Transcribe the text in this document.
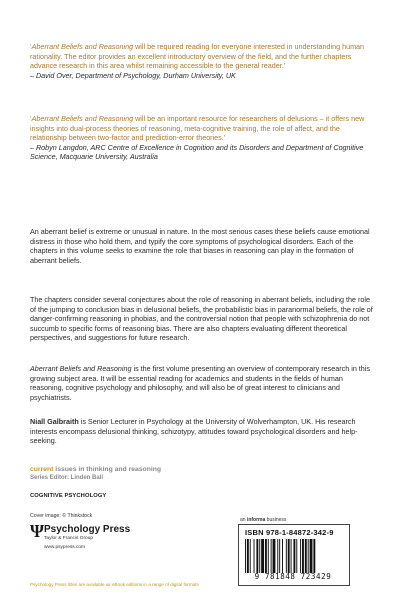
‘Aberrant Beliefs and Reasoning will be required reading for everyone interested in understanding human rationality. The editor provides an excellent introductory overview of the field, and the further chapters advance research in this area whilst remaining accessible to the general reader.’
– David Over, Department of Psychology, Durham University, UK
‘Aberrant Beliefs and Reasoning will be an important resource for researchers of delusions – it offers new insights into dual-process theories of reasoning, meta-cognitive training, the role of affect, and the relationship between two-factor and prediction-error theories.’
– Robyn Langdon, ARC Centre of Excellence in Cognition and its Disorders and Department of Cognitive Science, Macquarie University, Australia
An aberrant belief is extreme or unusual in nature. In the most serious cases these beliefs cause emotional distress in those who hold them, and typify the core symptoms of psychological disorders. Each of the chapters in this volume seeks to examine the role that biases in reasoning can play in the formation of aberrant beliefs.
The chapters consider several conjectures about the role of reasoning in aberrant beliefs, including the role of the jumping to conclusion bias in delusional beliefs, the probabilistic bias in paranormal beliefs, the role of danger-confirming reasoning in phobias, and the controversial notion that people with schizophrenia do not succumb to specific forms of reasoning bias. There are also chapters evaluating different theoretical perspectives, and suggestions for future research.
Aberrant Beliefs and Reasoning is the first volume presenting an overview of contemporary research in this growing subject area. It will be essential reading for academics and students in the fields of human reasoning, cognitive psychology and philosophy, and will also be of great interest to clinicians and psychiatrists.
Niall Galbraith is Senior Lecturer in Psychology at the University of Wolverhampton, UK. His research interests encompass delusional thinking, schizotypy, attitudes toward psychological disorders and help-seeking.
current issues in thinking and reasoning
Series Editor: Linden Ball
COGNITIVE PSYCHOLOGY
Cover image: © Thinkstock
Ψ Psychology Press
Taylor & Francis Group
www.psypress.com
Psychology Press titles are available as eBook editions in a range of digital formats
an informa business
ISBN 978-1-84872-342-9
9 781848 723429
